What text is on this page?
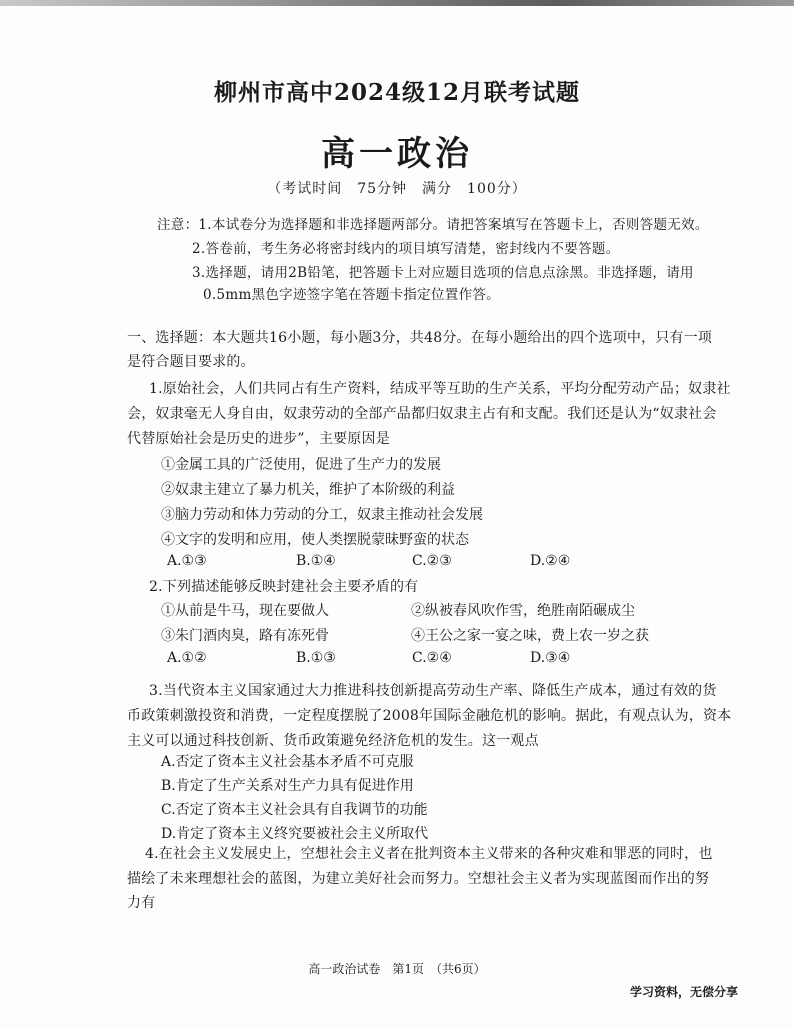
柳州市高中2024级12月联考试题
高一政治
（考试时间　75分钟　满分　100分）
注意：1.本试卷分为选择题和非选择题两部分。请把答案填写在答题卡上，否则答题无效。
2.答卷前，考生务必将密封线内的项目填写清楚，密封线内不要答题。
3.选择题，请用2B铅笔，把答题卡上对应题目选项的信息点涂黑。非选择题，请用
0.5mm黑色字迹签字笔在答题卡指定位置作答。
一、选择题：本大题共16小题，每小题3分，共48分。在每小题给出的四个选项中，只有一项
是符合题目要求的。
1.原始社会，人们共同占有生产资料，结成平等互助的生产关系，平均分配劳动产品；奴隶社
会，奴隶毫无人身自由，奴隶劳动的全部产品都归奴隶主占有和支配。我们还是认为“奴隶社会
代替原始社会是历史的进步”，主要原因是
①金属工具的广泛使用，促进了生产力的发展
②奴隶主建立了暴力机关，维护了本阶级的利益
③脑力劳动和体力劳动的分工，奴隶主推动社会发展
④文字的发明和应用，使人类摆脱蒙昧野蛮的状态
A.①③	B.①④	C.②③	D.②④
2.下列描述能够反映封建社会主要矛盾的有
①从前是牛马，现在要做人	②纵被春风吹作雪，绝胜南陌碾成尘
③朱门酒肉臭，路有冻死骨	④王公之家一宴之味，费上农一岁之获
A.①②	B.①③	C.②④	D.③④
3.当代资本主义国家通过大力推进科技创新提高劳动生产率、降低生产成本，通过有效的货
币政策刺激投资和消费，一定程度摆脱了2008年国际金融危机的影响。据此，有观点认为，资本
主义可以通过科技创新、货币政策避免经济危机的发生。这一观点
A.否定了资本主义社会基本矛盾不可克服
B.肯定了生产关系对生产力具有促进作用
C.否定了资本主义社会具有自我调节的功能
D.肯定了资本主义终究要被社会主义所取代
4.在社会主义发展史上，空想社会主义者在批判资本主义带来的各种灾难和罪恶的同时，也
描绘了未来理想社会的蓝图，为建立美好社会而努力。空想社会主义者为实现蓝图而作出的努
力有
高一政治试卷　第1页　（共6页）
学习资料，无偿分享
